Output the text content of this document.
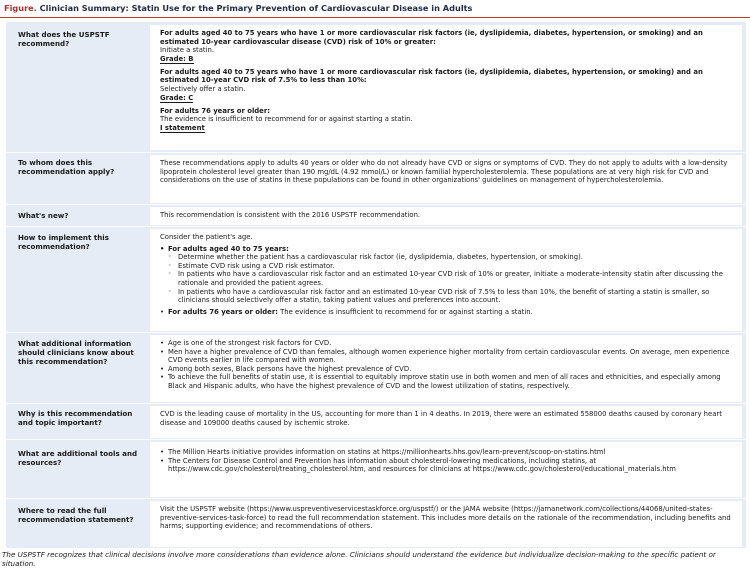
Figure. Clinician Summary: Statin Use for the Primary Prevention of Cardiovascular Disease in Adults
What does the USPSTF recommend?

For adults aged 40 to 75 years who have 1 or more cardiovascular risk factors (ie, dyslipidemia, diabetes, hypertension, or smoking) and an estimated 10-year cardiovascular disease (CVD) risk of 10% or greater:

Initiate a statin.

Grade: B

For adults aged 40 to 75 years who have 1 or more cardiovascular risk factors (ie, dyslipidemia, diabetes, hypertension, or smoking) and an estimated 10-year CVD risk of 7.5% to less than 10%:

Selectively offer a statin.

Grade: C

For adults 76 years or older:

The evidence is insufficient to recommend for or against starting a statin.

I statement
To whom does this recommendation apply?

These recommendations apply to adults 40 years or older who do not already have CVD or signs or symptoms of CVD. They do not apply to adults with a low-density lipoprotein cholesterol level greater than 190 mg/dL (4.92 mmol/L) or known familial hypercholesterolemia. These populations are at very high risk for CVD and considerations on the use of statins in these populations can be found in other organizations' guidelines on management of hypercholesterolemia.

What's new?	This recommendation is consistent with the 2016 USPSTF recommendation.

How to implement this recommendation?

Consider the patient's age.

• For adults aged 40 to 75 years:
◦ Determine whether the patient has a cardiovascular risk factor (ie, dyslipidemia, diabetes, hypertension, or smoking).
◦ Estimate CVD risk using a CVD risk estimator.
◦ In patients who have a cardiovascular risk factor and an estimated 10-year CVD risk of 10% or greater, initiate a moderate-intensity statin after discussing the rationale and provided the patient agrees.
◦ In patients who have a cardiovascular risk factor and an estimated 10-year CVD risk of 7.5% to less than 10%, the benefit of starting a statin is smaller, so clinicians should selectively offer a statin, taking patient values and preferences into account.
• For adults 76 years or older: The evidence is insufficient to recommend for or against starting a statin.
What additional information should clinicians know about this recommendation?
• Age is one of the strongest risk factors for CVD.
• Men have a higher prevalence of CVD than females, although women experience higher mortality from certain cardiovascular events. On average, men experience CVD events earlier in life compared with women.
• Among both sexes, Black persons have the highest prevalence of CVD.
• To achieve the full benefits of statin use, it is essential to equitably improve statin use in both women and men of all races and ethnicities, and especially among Black and Hispanic adults, who have the highest prevalence of CVD and the lowest utilization of statins, respectively.
Why is this recommendation and topic important?

CVD is the leading cause of mortality in the US, accounting for more than 1 in 4 deaths. In 2019, there were an estimated 558000 deaths caused by coronary heart disease and 109000 deaths caused by ischemic stroke.

What are additional tools and resources?
• The Million Hearts initiative provides information on statins at https://millionhearts.hhs.gov/learn-prevent/scoop-on-statins.html
• The Centers for Disease Control and Prevention has information about cholesterol-lowering medications, including statins, at https://www.cdc.gov/cholesterol/treating_cholesterol.htm, and resources for clinicians at https://www.cdc.gov/cholesterol/educational_materials.htm
Where to read the full recommendation statement?

Visit the USPSTF website (https://www.uspreventiveservicestaskforce.org/uspstf/) or the JAMA website (https://jamanetwork.com/collections/44068/united-states-preventive-services-task-force) to read the full recommendation statement. This includes more details on the rationale of the recommendation, including benefits and harms; supporting evidence; and recommendations of others.

The USPSTF recognizes that clinical decisions involve more considerations than evidence alone. Clinicians should understand the evidence but individualize decision-making to the specific patient or situation.
